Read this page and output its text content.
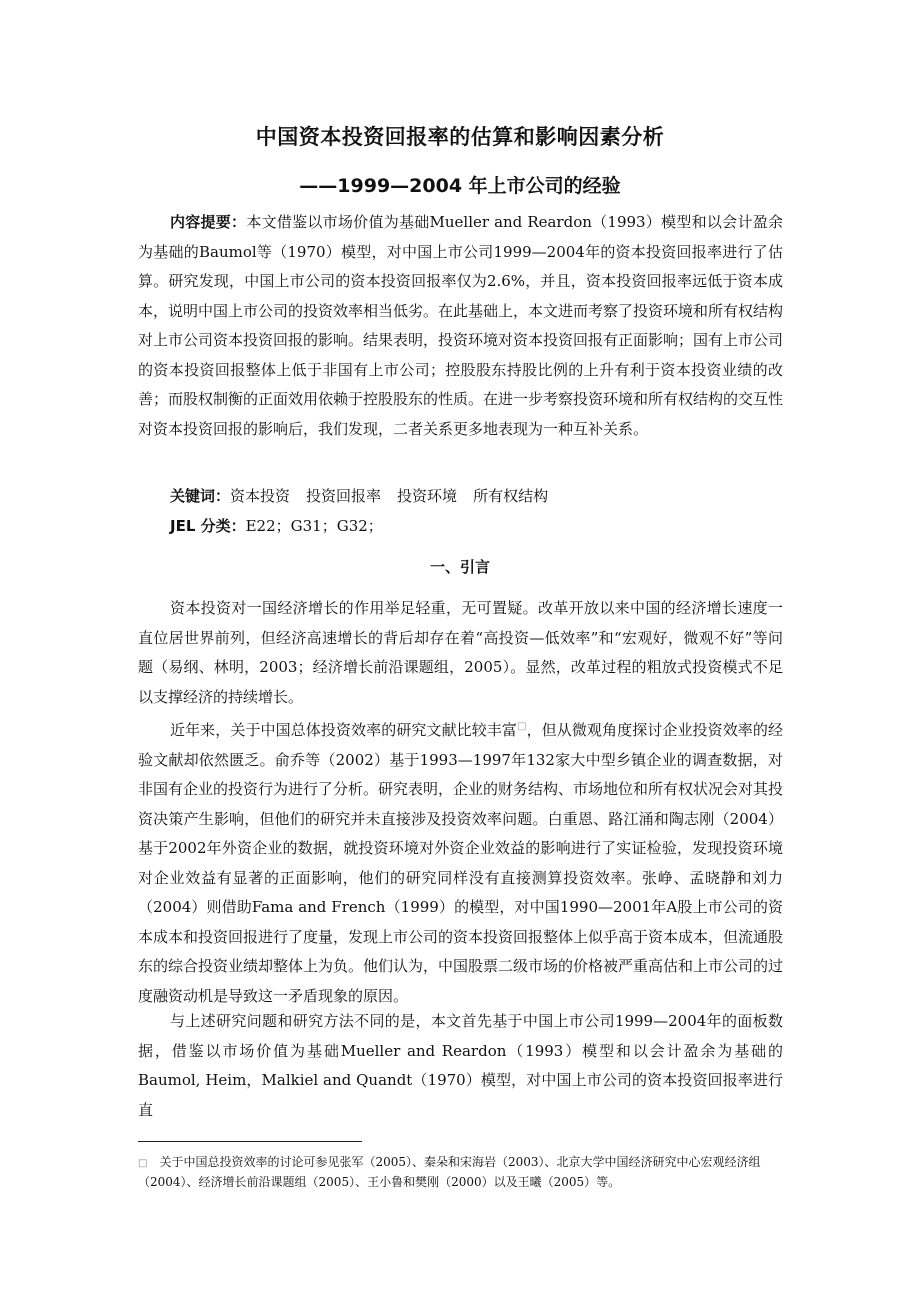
中国资本投资回报率的估算和影响因素分析
——1999—2004 年上市公司的经验

内容提要：本文借鉴以市场价值为基础Mueller and Reardon（1993）模型和以会计盈余为基础的Baumol等（1970）模型，对中国上市公司1999—2004年的资本投资回报率进行了估算。研究发现，中国上市公司的资本投资回报率仅为2.6%，并且，资本投资回报率远低于资本成本，说明中国上市公司的投资效率相当低劣。在此基础上，本文进而考察了投资环境和所有权结构对上市公司资本投资回报的影响。结果表明，投资环境对资本投资回报有正面影响；国有上市公司的资本投资回报整体上低于非国有上市公司；控股股东持股比例的上升有利于资本投资业绩的改善；而股权制衡的正面效用依赖于控股股东的性质。在进一步考察投资环境和所有权结构的交互性对资本投资回报的影响后，我们发现，二者关系更多地表现为一种互补关系。

关键词：资本投资 投资回报率 投资环境 所有权结构
JEL 分类：E22；G31；G32；
一、引言

资本投资对一国经济增长的作用举足轻重，无可置疑。改革开放以来中国的经济增长速度一直位居世界前列，但经济高速增长的背后却存在着“高投资—低效率”和“宏观好，微观不好”等问题（易纲、林明，2003；经济增长前沿课题组，2005）。显然，改革过程的粗放式投资模式不足以支撑经济的持续增长。

近年来，关于中国总体投资效率的研究文献比较丰富□，但从微观角度探讨企业投资效率的经验文献却依然匮乏。俞乔等（2002）基于1993—1997年132家大中型乡镇企业的调查数据，对非国有企业的投资行为进行了分析。研究表明，企业的财务结构、市场地位和所有权状况会对其投资决策产生影响，但他们的研究并未直接涉及投资效率问题。白重恩、路江涌和陶志刚（2004）基于2002年外资企业的数据，就投资环境对外资企业效益的影响进行了实证检验，发现投资环境对企业效益有显著的正面影响，他们的研究同样没有直接测算投资效率。张峥、孟晓静和刘力（2004）则借助Fama and French（1999）的模型，对中国1990—2001年A股上市公司的资本成本和投资回报进行了度量，发现上市公司的资本投资回报整体上似乎高于资本成本，但流通股东的综合投资业绩却整体上为负。他们认为，中国股票二级市场的价格被严重高估和上市公司的过度融资动机是导致这一矛盾现象的原因。

与上述研究问题和研究方法不同的是，本文首先基于中国上市公司1999—2004年的面板数据，借鉴以市场价值为基础Mueller and Reardon（1993）模型和以会计盈余为基础的Baumol, Heim，Malkiel and Quandt（1970）模型，对中国上市公司的资本投资回报率进行直

□ 关于中国总投资效率的讨论可参见张军（2005）、秦朵和宋海岩（2003）、北京大学中国经济研究中心宏观经济组（2004）、经济增长前沿课题组（2005）、王小鲁和樊刚（2000）以及王曦（2005）等。
